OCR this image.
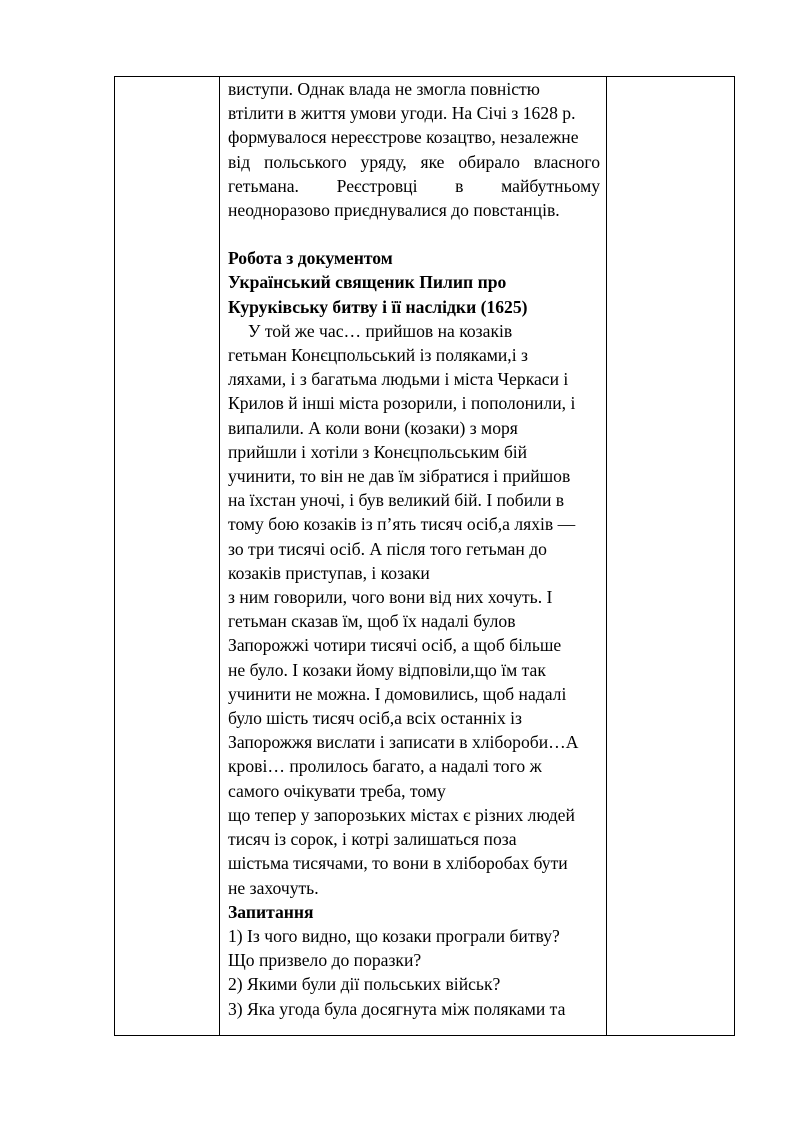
виступи. Однак влада не змогла повністю

втілити в життя умови угоди. На Січі з 1628 р.

формувалося нереєстрове козацтво, незалежне

від польського уряду, яке обирало власного

гетьмана. Реєстровці в майбутньому

неодноразово приєднувалися до повстанців.

Робота з документом

Український священик Пилип про
Куруківську битву і її наслідки (1625)
У той же час… прийшов на козаків
гетьман Конєцпольський із поляками,і з
ляхами, і з багатьма людьми і міста Черкаси і
Крилов й інші міста розорили, і пополонили, і
випалили. А коли вони (козаки) з моря
прийшли і хотіли з Конєцпольським бій
учинити, то він не дав їм зібратися і прийшов
на їхстан уночі, і був великий бій. І побили в
тому бою козаків із п’ять тисяч осіб,а ляхів —
зо три тисячі осіб. А після того гетьман до
козаків приступав, і козаки
з ним говорили, чого вони від них хочуть. І
гетьман сказав їм, щоб їх надалі булов
Запорожжі чотири тисячі осіб, а щоб більше
не було. І козаки йому відповіли,що їм так
учинити не можна. І домовились, щоб надалі
було шість тисяч осіб,а всіх останніх із
Запорожжя вислати і записати в хлібороби…А
крові… пролилось багато, а надалі того ж
самого очікувати треба, тому
що тепер у запорозьких містах є різних людей
тисяч із сорок, і котрі залишаться поза
шістьма тисячами, то вони в хліборобах бути
не захочуть.

Запитання

1) Із чого видно, що козаки програли битву?
Що призвело до поразки?
2) Якими були дії польських військ?
3) Яка угода була досягнута між поляками та
